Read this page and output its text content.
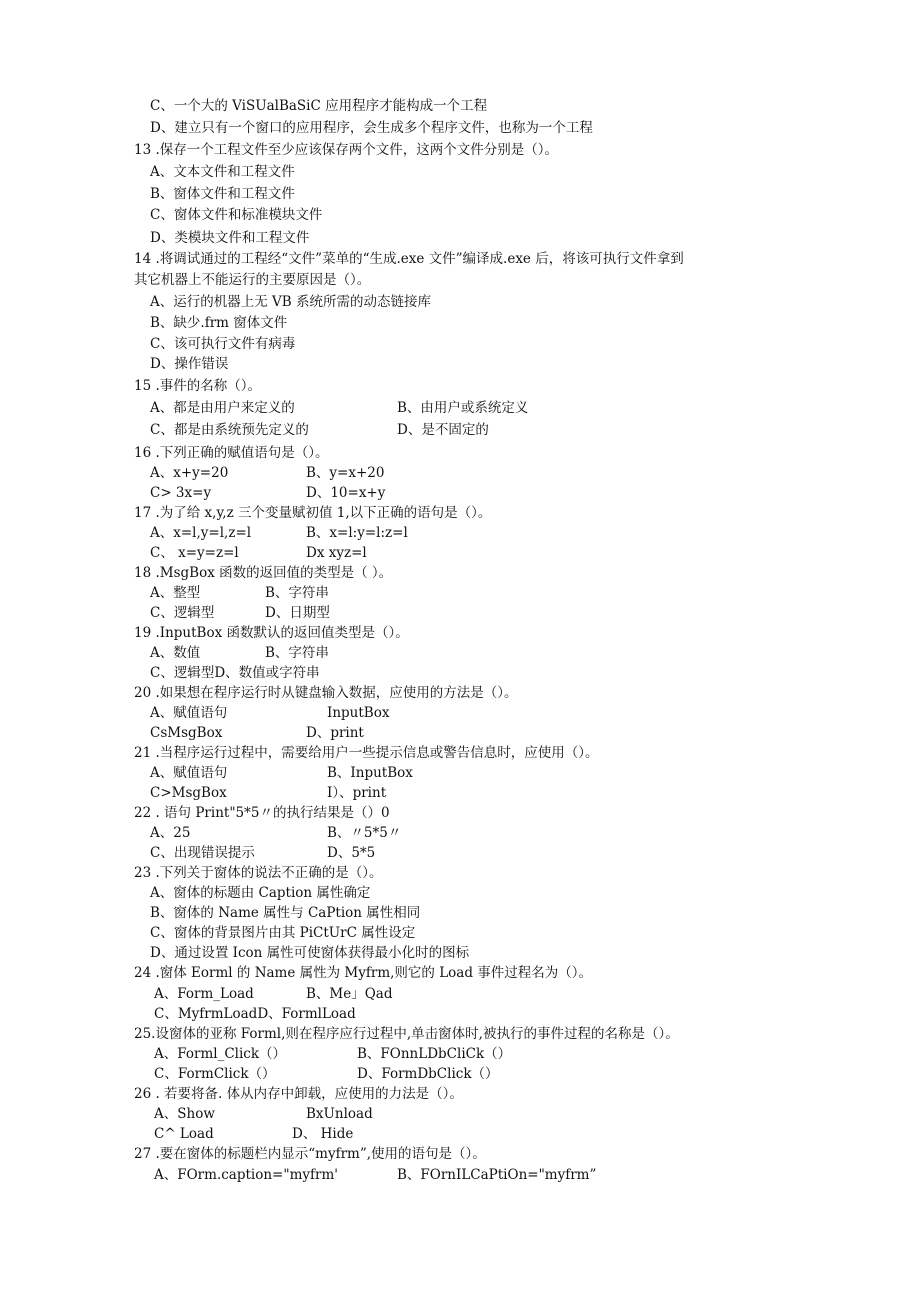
C、一个大的 ViSUalBaSiC 应用程序才能构成一个工程
D、建立只有一个窗口的应用程序，会生成多个程序文件，也称为一个工程
13 .保存一个工程文件至少应该保存两个文件，这两个文件分别是（）。
A、文本文件和工程文件
B、窗体文件和工程文件
C、窗体文件和标准模块文件
D、类模块文件和工程文件
14 .将调试通过的工程经“文件”菜单的“生成.exe 文件”编译成.exe 后，将该可执行文件拿到
其它机器上不能运行的主要原因是（）。
A、运行的机器上无 VB 系统所需的动态链接库
B、缺少.frm 窗体文件
C、该可执行文件有病毒
D、操作错误
15 .事件的名称（）。
A、都是由用户来定义的	B、由用户或系统定义
C、都是由系统预先定义的	D、是不固定的
16 .下列正确的赋值语句是（）。
A、x+y=20	B、y=x+20
C> 3x=y	D、10=x+y
17 .为了给 x,y,z 三个变量赋初值 1,以下正确的语句是（）。
A、x=l,y=l,z=l	B、x=l:y=l:z=l
C、 x=y=z=l	Dx xyz=l
18 .MsgBox 函数的返回值的类型是（ ）。
A、整型	B、字符串
C、逻辑型	D、日期型
19 .InputBox 函数默认的返回值类型是（）。
A、数值	B、字符串
C、逻辑型D、数值或字符串
20 .如果想在程序运行时从键盘输入数据，应使用的方法是（）。
A、赋值语句	InputBox
CsMsgBox	D、print
21 .当程序运行过程中，需要给用户一些提示信息或警告信息时，应使用（）。
A、赋值语句	B、InputBox
C>MsgBox	I）、print
22 . 语句 Print"5*5〃的执行结果是（）0
A、25	B、〃5*5〃
C、出现错误提示	D、5*5
23 .下列关于窗体的说法不正确的是（）。
A、窗体的标题由 Caption 属性确定
B、窗体的 Name 属性与 CaPtion 属性相同
C、窗体的背景图片由其 PiCtUrC 属性设定
D、通过设置 Icon 属性可使窗体获得最小化时的图标
24 .窗体 Eorml 的 Name 属性为 Myfrm,则它的 Load 事件过程名为（）。
A、Form_Load	B、Me」Qad
C、MyfrmLoadD、FormlLoad
25.设窗体的亚称 Forml,则在程序应行过程中,单击窗体时,被执行的事件过程的名称是（）。
A、Forml_Click（）	B、FOnnLDbCliCk（）
C、FormClick（）	D、FormDbClick（）
26 . 若要将备. 体从内存中卸载，应使用的力法是（）。
A、Show	BxUnload
C^ Load	D、 Hide
27 .要在窗体的标题栏内显示“myfrm”,使用的语句是（）。
A、FOrm.caption="myfrm'	B、FOrnILCaPtiOn="myfrm”
